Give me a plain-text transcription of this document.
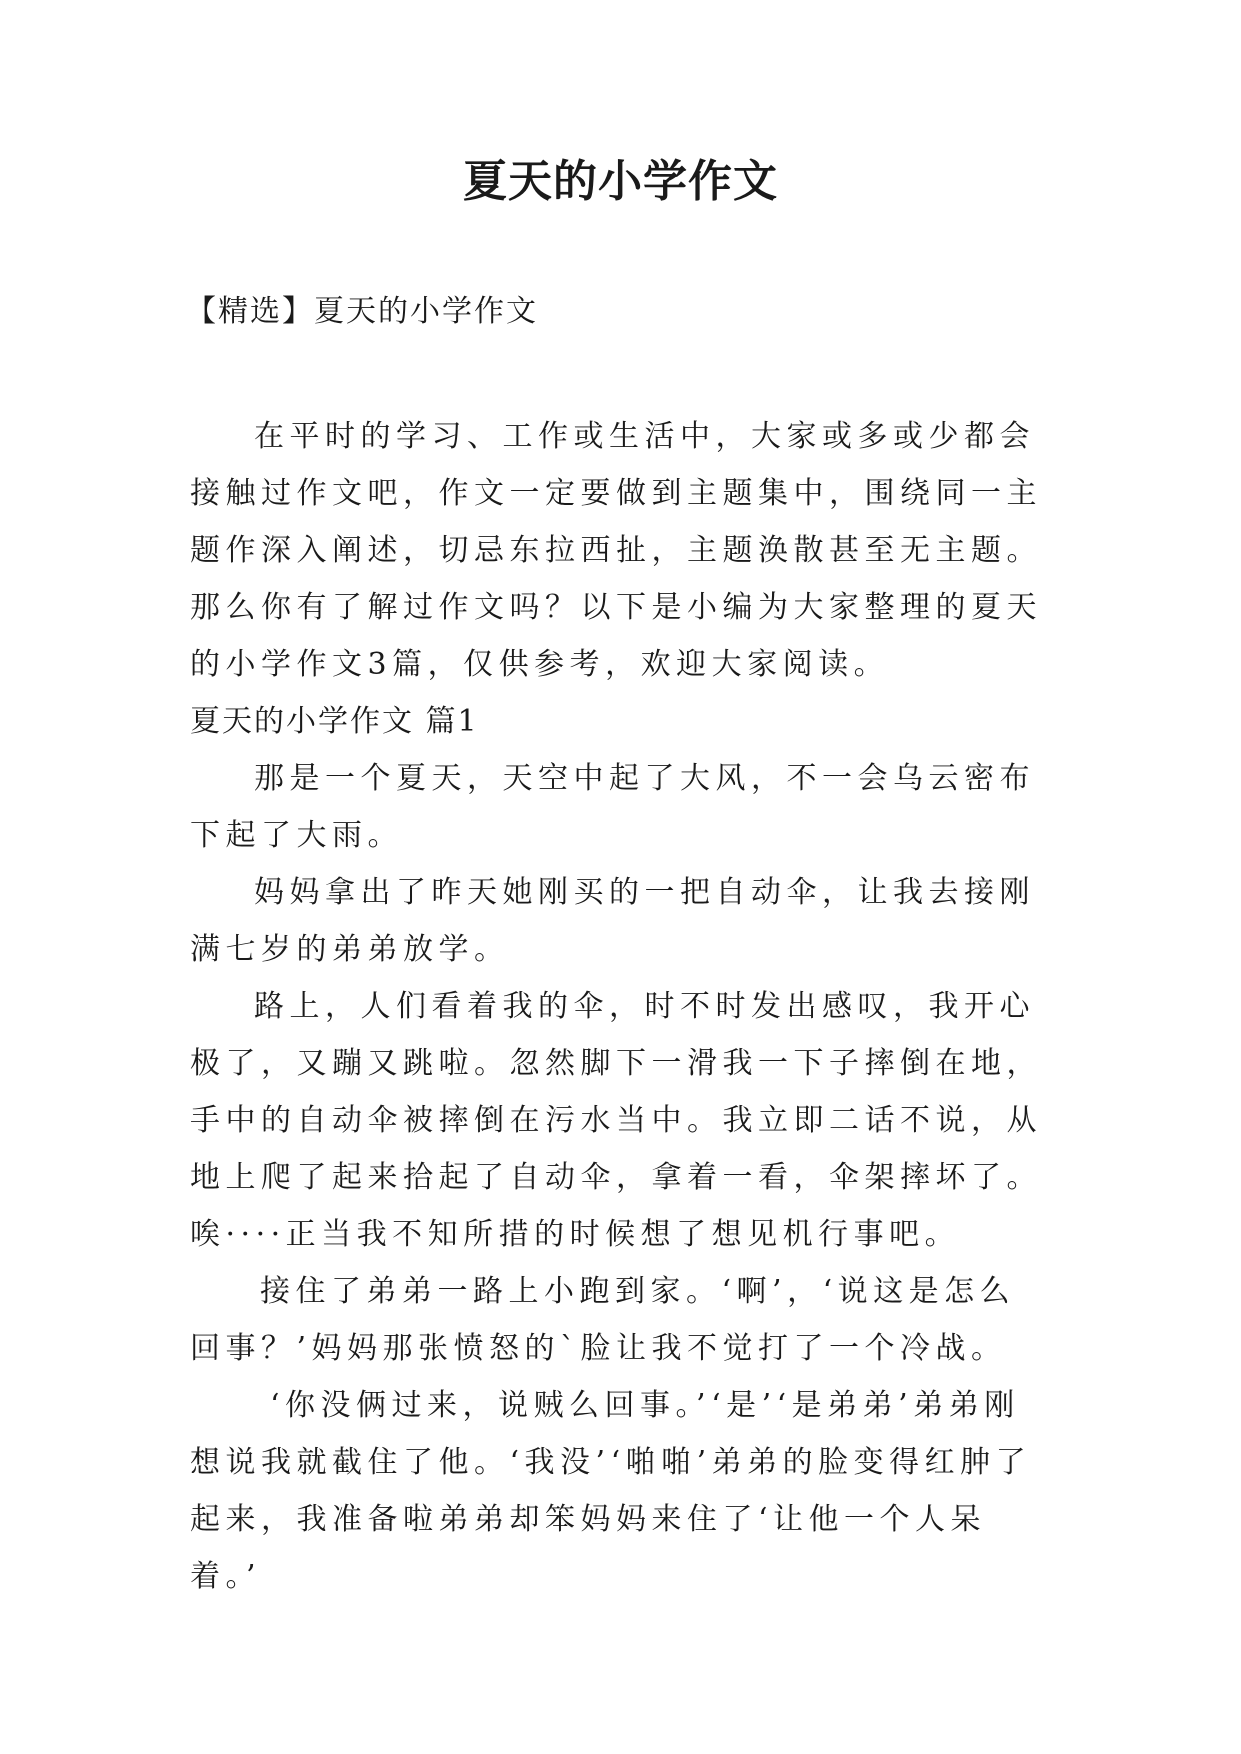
夏天的小学作文

【精选】夏天的小学作文

在平时的学习、工作或生活中，大家或多或少都会接触过作文吧，作文一定要做到主题集中，围绕同一主题作深入阐述，切忌东拉西扯，主题涣散甚至无主题。那么你有了解过作文吗？以下是小编为大家整理的夏天的小学作文3篇，仅供参考，欢迎大家阅读。

夏天的小学作文 篇1

那是一个夏天，天空中起了大风，不一会乌云密布下起了大雨。

妈妈拿出了昨天她刚买的一把自动伞，让我去接刚满七岁的弟弟放学。

路上，人们看着我的伞，时不时发出感叹，我开心极了，又蹦又跳啦。忽然脚下一滑我一下子摔倒在地，手中的自动伞被摔倒在污水当中。我立即二话不说，从地上爬了起来拾起了自动伞，拿着一看，伞架摔坏了。唉····正当我不知所措的时候想了想见机行事吧。

接住了弟弟一路上小跑到家。‘啊’，‘说这是怎么回事？’妈妈那张愤怒的`脸让我不觉打了一个冷战。

‘你没俩过来，说贼么回事。’‘是’‘是弟弟’弟弟刚想说我就截住了他。‘我没’‘啪啪’弟弟的脸变得红肿了起来，我准备啦弟弟却笨妈妈来住了‘让他一个人呆着。’
